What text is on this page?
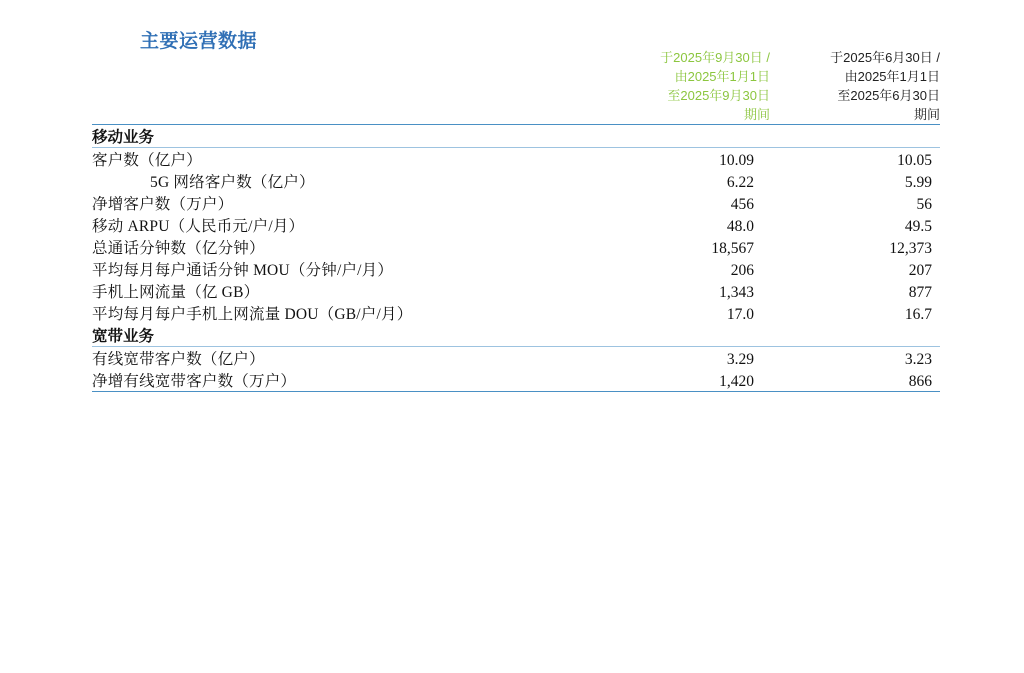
主要运营数据

于2025年9月30日 /
由2025年1月1日
至2025年9月30日
期间

于2025年6月30日 /
由2025年1月1日
至2025年6月30日
期间

移动业务		

客户数（亿户）	10.09	10.05
5G 网络客户数（亿户）	6.22	5.99
净增客户数（万户）	456	56
移动 ARPU（人民币元/户/月）	48.0	49.5
总通话分钟数（亿分钟）	18,567	12,373
平均每月每户通话分钟 MOU（分钟/户/月）	206	207
手机上网流量（亿 GB）	1,343	877
平均每月每户手机上网流量 DOU（GB/户/月）	17.0	16.7
宽带业务		

有线宽带客户数（亿户）	3.29	3.23
净增有线宽带客户数（万户）	1,420	866
